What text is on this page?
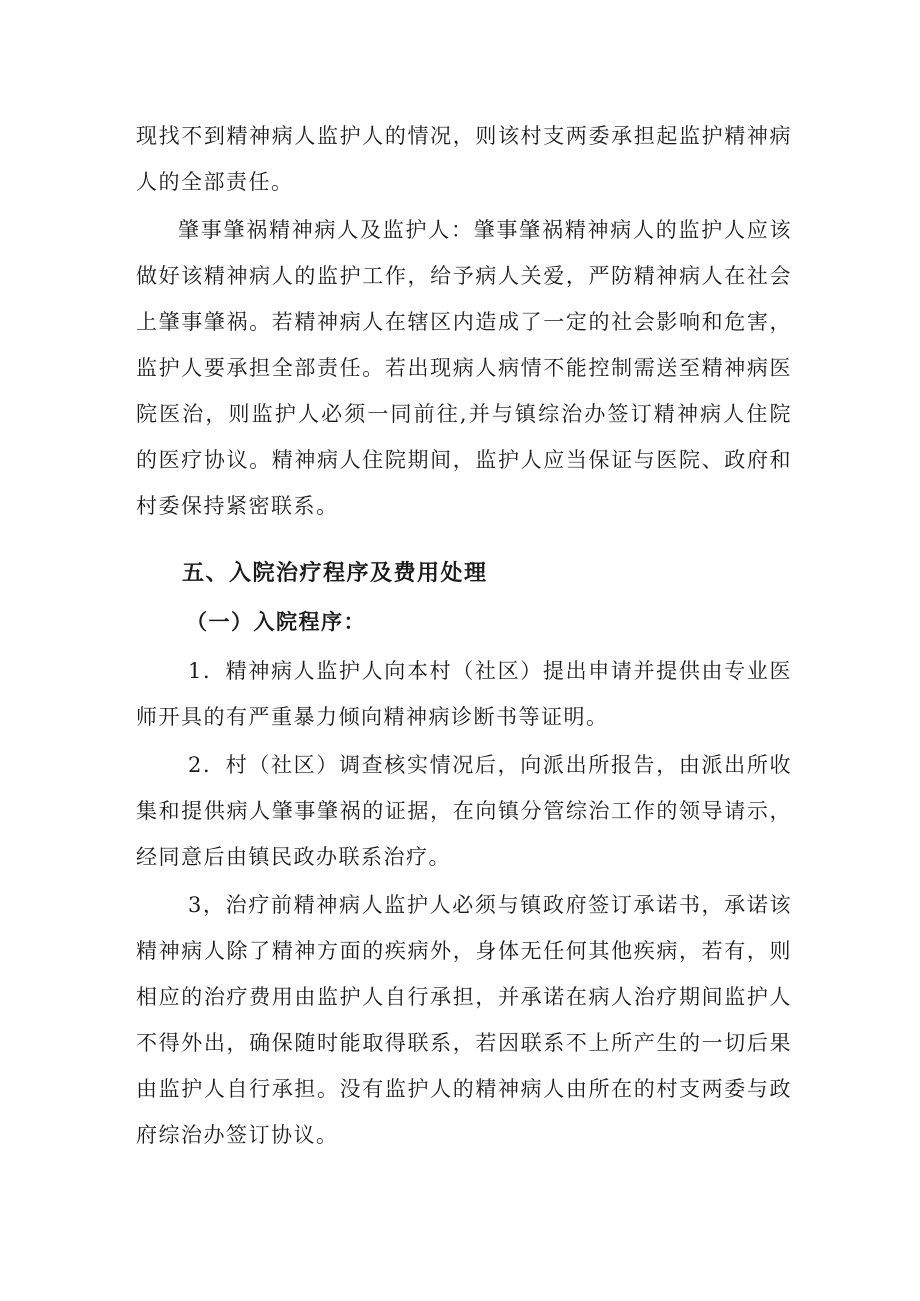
现找不到精神病人监护人的情况，则该村支两委承担起监护精神病人的全部责任。

肇事肇祸精神病人及监护人：肇事肇祸精神病人的监护人应该做好该精神病人的监护工作，给予病人关爱，严防精神病人在社会上肇事肇祸。若精神病人在辖区内造成了一定的社会影响和危害，监护人要承担全部责任。若出现病人病情不能控制需送至精神病医院医治，则监护人必须一同前往,并与镇综治办签订精神病人住院的医疗协议。精神病人住院期间，监护人应当保证与医院、政府和村委保持紧密联系。

五、入院治疗程序及费用处理
（一）入院程序：

1．精神病人监护人向本村（社区）提出申请并提供由专业医师开具的有严重暴力倾向精神病诊断书等证明。

2．村（社区）调查核实情况后，向派出所报告，由派出所收集和提供病人肇事肇祸的证据，在向镇分管综治工作的领导请示，经同意后由镇民政办联系治疗。

3，治疗前精神病人监护人必须与镇政府签订承诺书，承诺该精神病人除了精神方面的疾病外，身体无任何其他疾病，若有，则相应的治疗费用由监护人自行承担，并承诺在病人治疗期间监护人不得外出，确保随时能取得联系，若因联系不上所产生的一切后果由监护人自行承担。没有监护人的精神病人由所在的村支两委与政府综治办签订协议。
